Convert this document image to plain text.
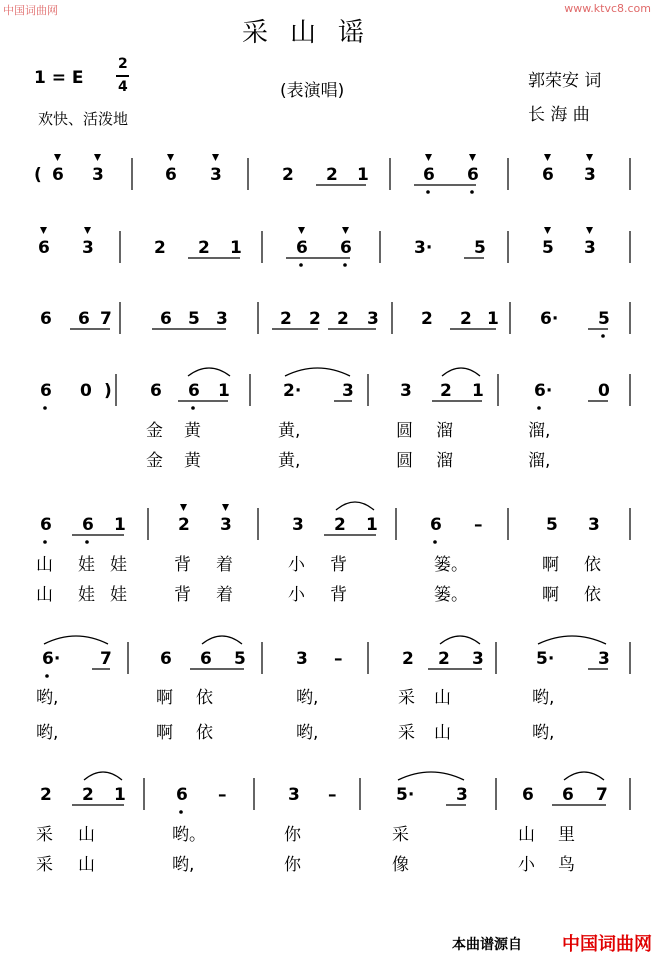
中国词曲网	www.ktvc8.com
采山谣
1 = E
2
4
欢快、活泼地
(表演唱)	郭荣安 词
长 海 曲
( 6 3	6 3	2 2 1	6 6	6 3
6 3	2 2 1	6 6	3· 5	5 3
6 6 7	6 5 3	2 2 2 3 2 2 1 6· 5
6 0 ) 6 6 1	2· 3	3 2 1	6·	0
6 6 1	2 3	3 2 1	6 –	5 3
6· 7	6 6 5	3 –	2 2 3	5·	3
2 2 1	6 –	3 –	5· 3	6 6 7
金 黄	黄,	圆 溜	溜,
金 黄	黄,	圆 溜	溜,
山 娃 娃	背 着	小 背	篓。	啊 依
山 娃 娃	背 着	小 背	篓。	啊 依
哟,	啊 依	哟,	采 山	哟,
哟,	啊 依	哟,	采 山	哟,
采 山	哟。	你	采	山 里
采 山	哟,	你	像	小 鸟
本曲谱源自 中国词曲网
